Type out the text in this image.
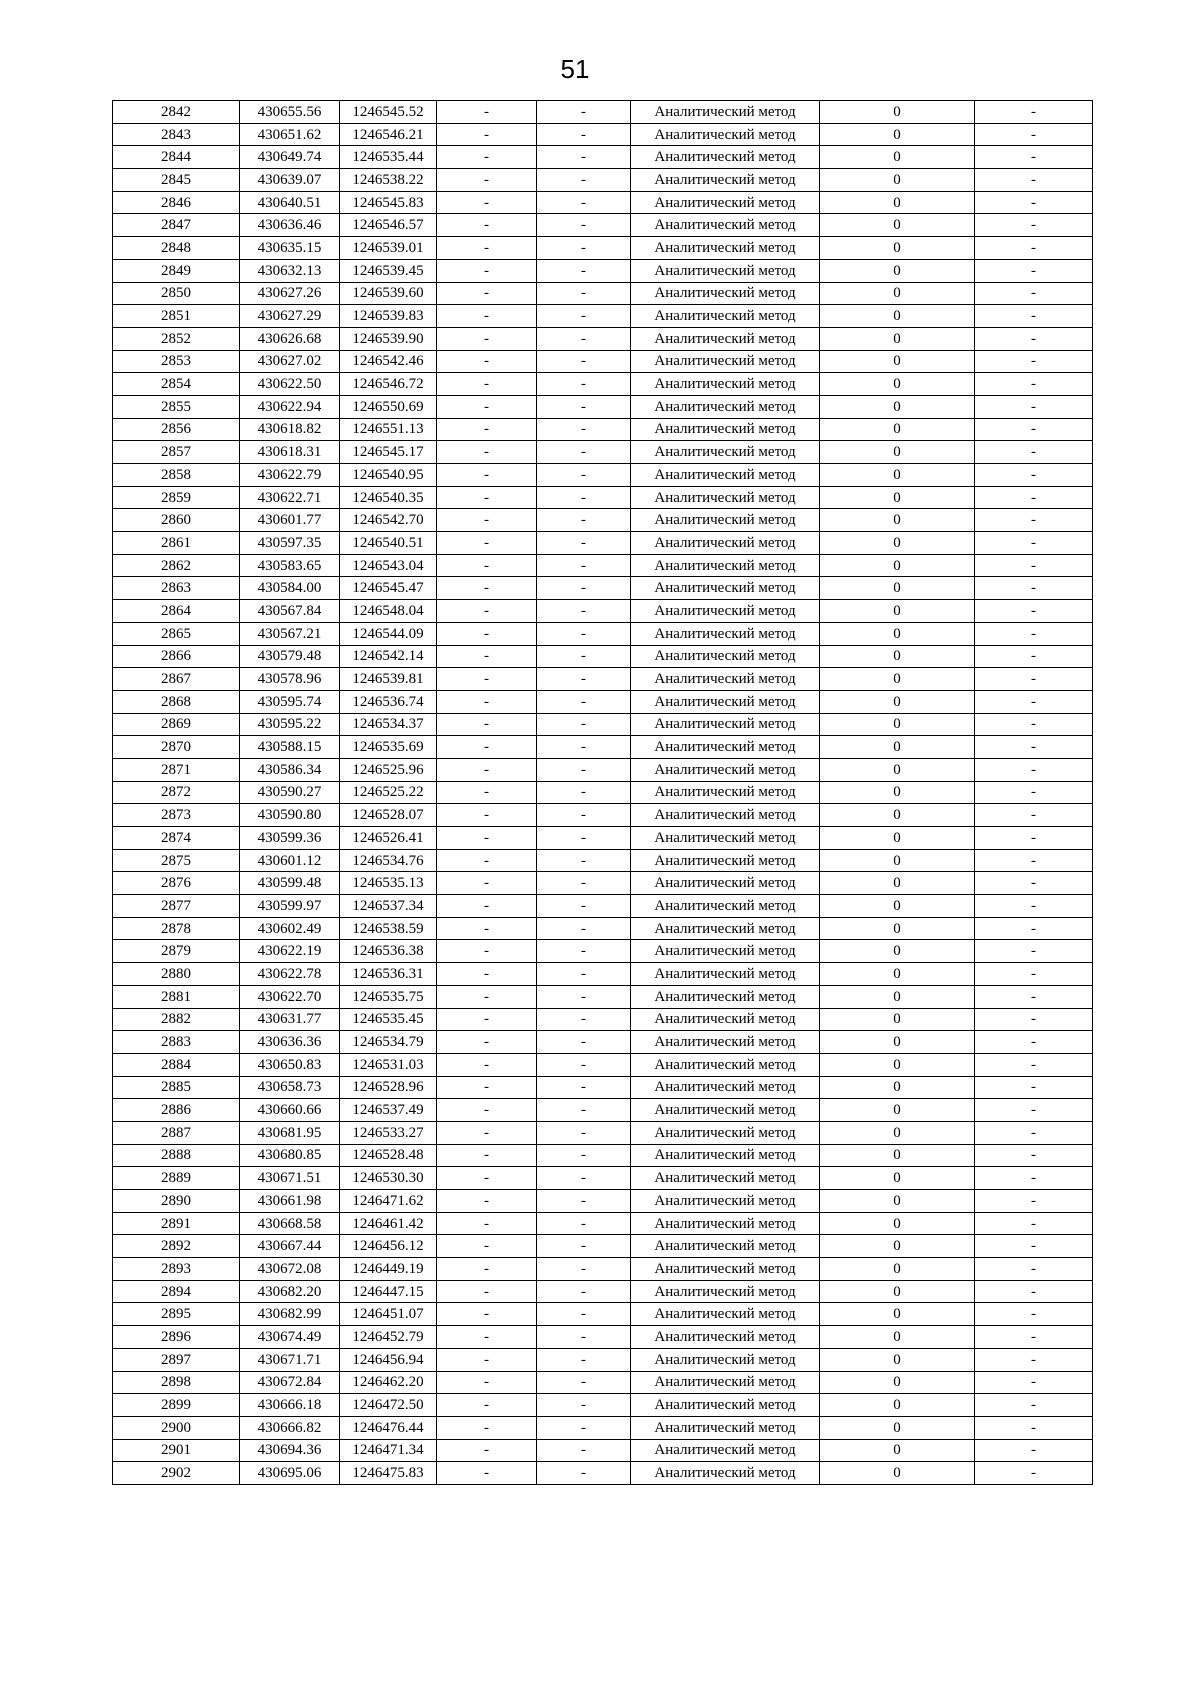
51
2842	430655.56	1246545.52	-	-	Аналитический метод	0	-
2843	430651.62	1246546.21	-	-	Аналитический метод	0	-
2844	430649.74	1246535.44	-	-	Аналитический метод	0	-
2845	430639.07	1246538.22	-	-	Аналитический метод	0	-
2846	430640.51	1246545.83	-	-	Аналитический метод	0	-
2847	430636.46	1246546.57	-	-	Аналитический метод	0	-
2848	430635.15	1246539.01	-	-	Аналитический метод	0	-
2849	430632.13	1246539.45	-	-	Аналитический метод	0	-
2850	430627.26	1246539.60	-	-	Аналитический метод	0	-
2851	430627.29	1246539.83	-	-	Аналитический метод	0	-
2852	430626.68	1246539.90	-	-	Аналитический метод	0	-
2853	430627.02	1246542.46	-	-	Аналитический метод	0	-
2854	430622.50	1246546.72	-	-	Аналитический метод	0	-
2855	430622.94	1246550.69	-	-	Аналитический метод	0	-
2856	430618.82	1246551.13	-	-	Аналитический метод	0	-
2857	430618.31	1246545.17	-	-	Аналитический метод	0	-
2858	430622.79	1246540.95	-	-	Аналитический метод	0	-
2859	430622.71	1246540.35	-	-	Аналитический метод	0	-
2860	430601.77	1246542.70	-	-	Аналитический метод	0	-
2861	430597.35	1246540.51	-	-	Аналитический метод	0	-
2862	430583.65	1246543.04	-	-	Аналитический метод	0	-
2863	430584.00	1246545.47	-	-	Аналитический метод	0	-
2864	430567.84	1246548.04	-	-	Аналитический метод	0	-
2865	430567.21	1246544.09	-	-	Аналитический метод	0	-
2866	430579.48	1246542.14	-	-	Аналитический метод	0	-
2867	430578.96	1246539.81	-	-	Аналитический метод	0	-
2868	430595.74	1246536.74	-	-	Аналитический метод	0	-
2869	430595.22	1246534.37	-	-	Аналитический метод	0	-
2870	430588.15	1246535.69	-	-	Аналитический метод	0	-
2871	430586.34	1246525.96	-	-	Аналитический метод	0	-
2872	430590.27	1246525.22	-	-	Аналитический метод	0	-
2873	430590.80	1246528.07	-	-	Аналитический метод	0	-
2874	430599.36	1246526.41	-	-	Аналитический метод	0	-
2875	430601.12	1246534.76	-	-	Аналитический метод	0	-
2876	430599.48	1246535.13	-	-	Аналитический метод	0	-
2877	430599.97	1246537.34	-	-	Аналитический метод	0	-
2878	430602.49	1246538.59	-	-	Аналитический метод	0	-
2879	430622.19	1246536.38	-	-	Аналитический метод	0	-
2880	430622.78	1246536.31	-	-	Аналитический метод	0	-
2881	430622.70	1246535.75	-	-	Аналитический метод	0	-
2882	430631.77	1246535.45	-	-	Аналитический метод	0	-
2883	430636.36	1246534.79	-	-	Аналитический метод	0	-
2884	430650.83	1246531.03	-	-	Аналитический метод	0	-
2885	430658.73	1246528.96	-	-	Аналитический метод	0	-
2886	430660.66	1246537.49	-	-	Аналитический метод	0	-
2887	430681.95	1246533.27	-	-	Аналитический метод	0	-
2888	430680.85	1246528.48	-	-	Аналитический метод	0	-
2889	430671.51	1246530.30	-	-	Аналитический метод	0	-
2890	430661.98	1246471.62	-	-	Аналитический метод	0	-
2891	430668.58	1246461.42	-	-	Аналитический метод	0	-
2892	430667.44	1246456.12	-	-	Аналитический метод	0	-
2893	430672.08	1246449.19	-	-	Аналитический метод	0	-
2894	430682.20	1246447.15	-	-	Аналитический метод	0	-
2895	430682.99	1246451.07	-	-	Аналитический метод	0	-
2896	430674.49	1246452.79	-	-	Аналитический метод	0	-
2897	430671.71	1246456.94	-	-	Аналитический метод	0	-
2898	430672.84	1246462.20	-	-	Аналитический метод	0	-
2899	430666.18	1246472.50	-	-	Аналитический метод	0	-
2900	430666.82	1246476.44	-	-	Аналитический метод	0	-
2901	430694.36	1246471.34	-	-	Аналитический метод	0	-
2902	430695.06	1246475.83	-	-	Аналитический метод	0	-
